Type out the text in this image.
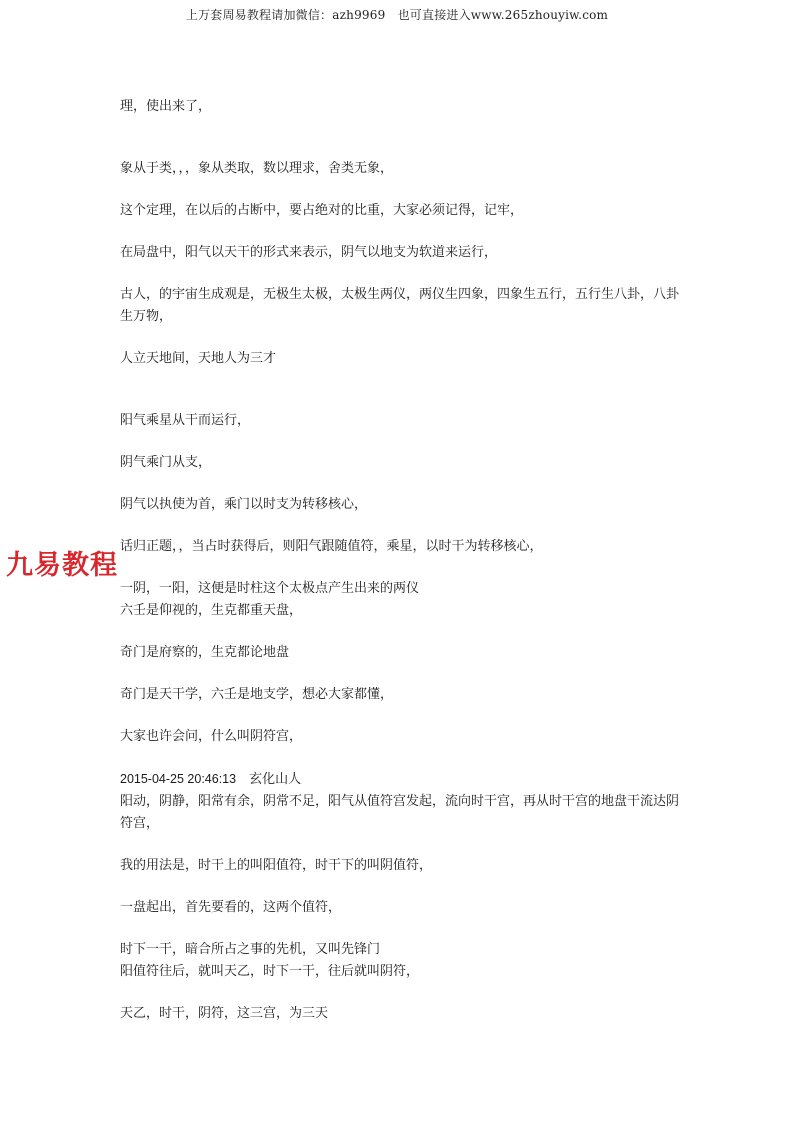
上万套周易教程请加微信：azh9969　也可直接进入www.265zhouyiw.com

理，使出来了，

象从于类，，，象从类取，数以理求，舍类无象，

这个定理，在以后的占断中，要占绝对的比重，大家必须记得，记牢，

在局盘中，阳气以天干的形式来表示，阴气以地支为软道来运行，

古人，的宇宙生成观是，无极生太极，太极生两仪，两仪生四象，四象生五行，五行生八卦，八卦生万物，

人立天地间，天地人为三才

阳气乘星从干而运行，

阴气乘门从支，

阴气以执使为首，乘门以时支为转移核心，

话归正题，，当占时获得后，则阳气跟随值符，乘星，以时干为转移核心，

一阴，一阳，这便是时柱这个太极点产生出来的两仪

六壬是仰视的，生克都重天盘，

奇门是府察的，生克都论地盘

奇门是天干学，六壬是地支学，想必大家都懂，

大家也许会问，什么叫阴符宫，

2015-04-25 20:46:13　 玄化山人

阳动，阴静，阳常有余，阴常不足，阳气从值符宫发起，流向时干宫，再从时干宫的地盘干流达阴符宫，

我的用法是，时干上的叫阳值符，时干下的叫阴值符，

一盘起出，首先要看的，这两个值符，

时下一干，暗合所占之事的先机，又叫先锋门

阳值符往后，就叫天乙，时下一干，往后就叫阴符，

天乙，时干，阴符，这三宫，为三天

九易教程
